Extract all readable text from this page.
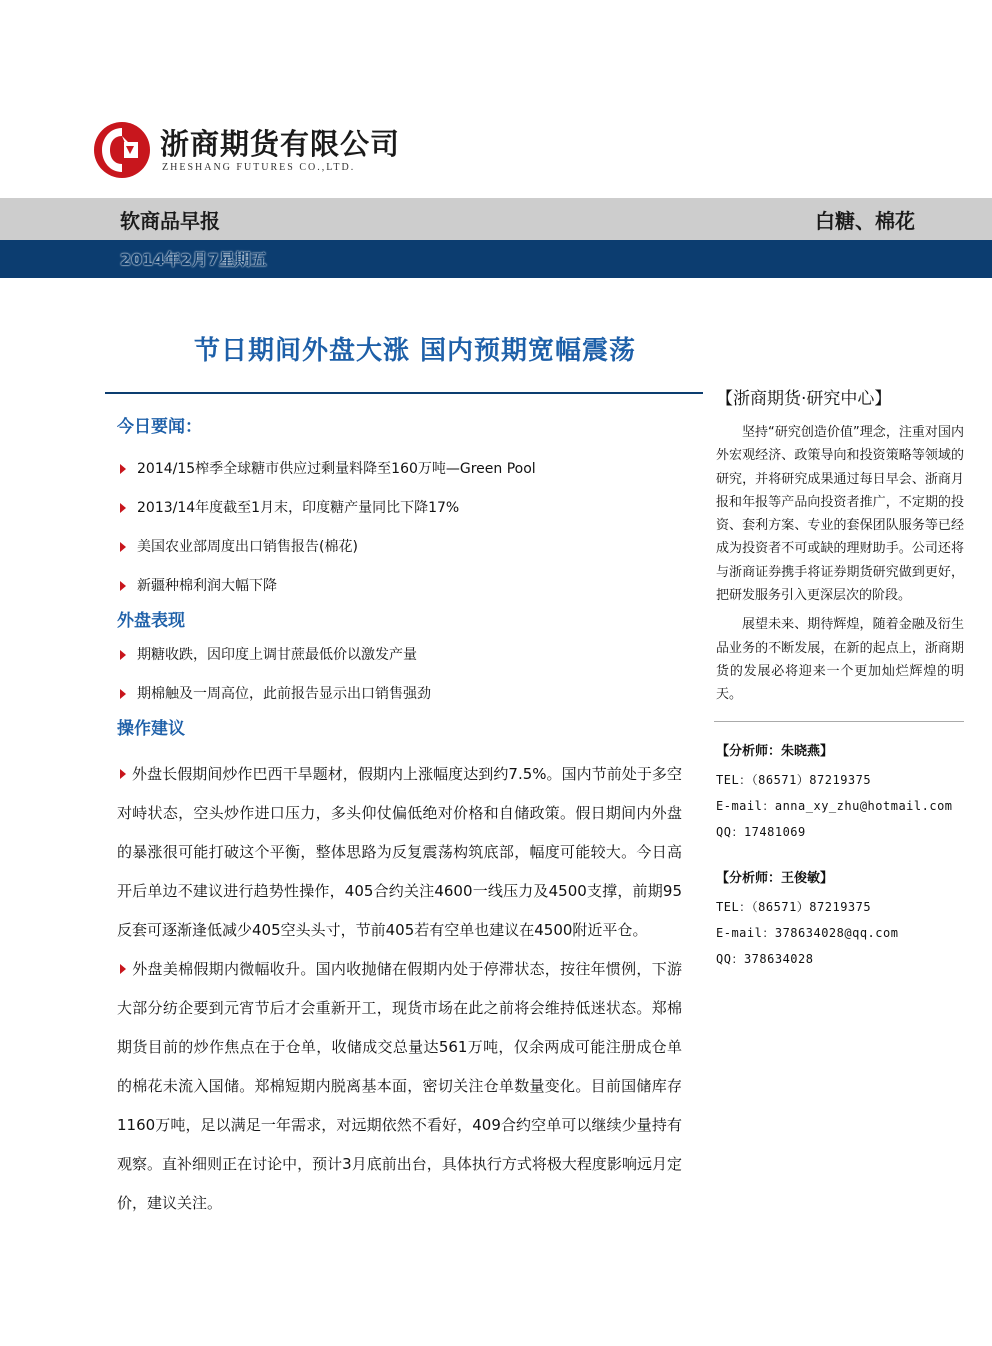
浙商期货有限公司
ZHESHANG FUTURES CO.,LTD.
软商品早报	白糖、棉花
2014年2月7星期五
节日期间外盘大涨 国内预期宽幅震荡
今日要闻：
2014/15榨季全球糖市供应过剩量料降至160万吨—Green Pool
2013/14年度截至1月末，印度糖产量同比下降17%
美国农业部周度出口销售报告(棉花)
新疆种棉利润大幅下降
外盘表现
期糖收跌，因印度上调甘蔗最低价以激发产量
期棉触及一周高位，此前报告显示出口销售强劲
操作建议

外盘长假期间炒作巴西干旱题材，假期内上涨幅度达到约7.5%。国内节前处于多空对峙状态，空头炒作进口压力，多头仰仗偏低绝对价格和自储政策。假日期间内外盘的暴涨很可能打破这个平衡，整体思路为反复震荡构筑底部，幅度可能较大。今日高开后单边不建议进行趋势性操作，405合约关注4600一线压力及4500支撑，前期95反套可逐渐逢低减少405空头头寸，节前405若有空单也建议在4500附近平仓。

外盘美棉假期内微幅收升。国内收抛储在假期内处于停滞状态，按往年惯例，下游大部分纺企要到元宵节后才会重新开工，现货市场在此之前将会维持低迷状态。郑棉期货目前的炒作焦点在于仓单，收储成交总量达561万吨，仅余两成可能注册成仓单的棉花未流入国储。郑棉短期内脱离基本面，密切关注仓单数量变化。目前国储库存1160万吨，足以满足一年需求，对远期依然不看好，409合约空单可以继续少量持有观察。直补细则正在讨论中，预计3月底前出台，具体执行方式将极大程度影响远月定价，建议关注。

【浙商期货·研究中心】

坚持“研究创造价值”理念，注重对国内外宏观经济、政策导向和投资策略等领域的研究，并将研究成果通过每日早会、浙商月报和年报等产品向投资者推广，不定期的投资、套利方案、专业的套保团队服务等已经成为投资者不可或缺的理财助手。公司还将与浙商证券携手将证券期货研究做到更好，把研发服务引入更深层次的阶段。

展望未来、期待辉煌，随着金融及衍生品业务的不断发展，在新的起点上，浙商期货的发展必将迎来一个更加灿烂辉煌的明天。

【分析师：朱晓燕】

TEL：（86571）87219375

E-mail：anna_xy_zhu@hotmail.com

QQ：17481069

【分析师：王俊敏】

TEL：（86571）87219375

E-mail：378634028@qq.com

QQ：378634028
